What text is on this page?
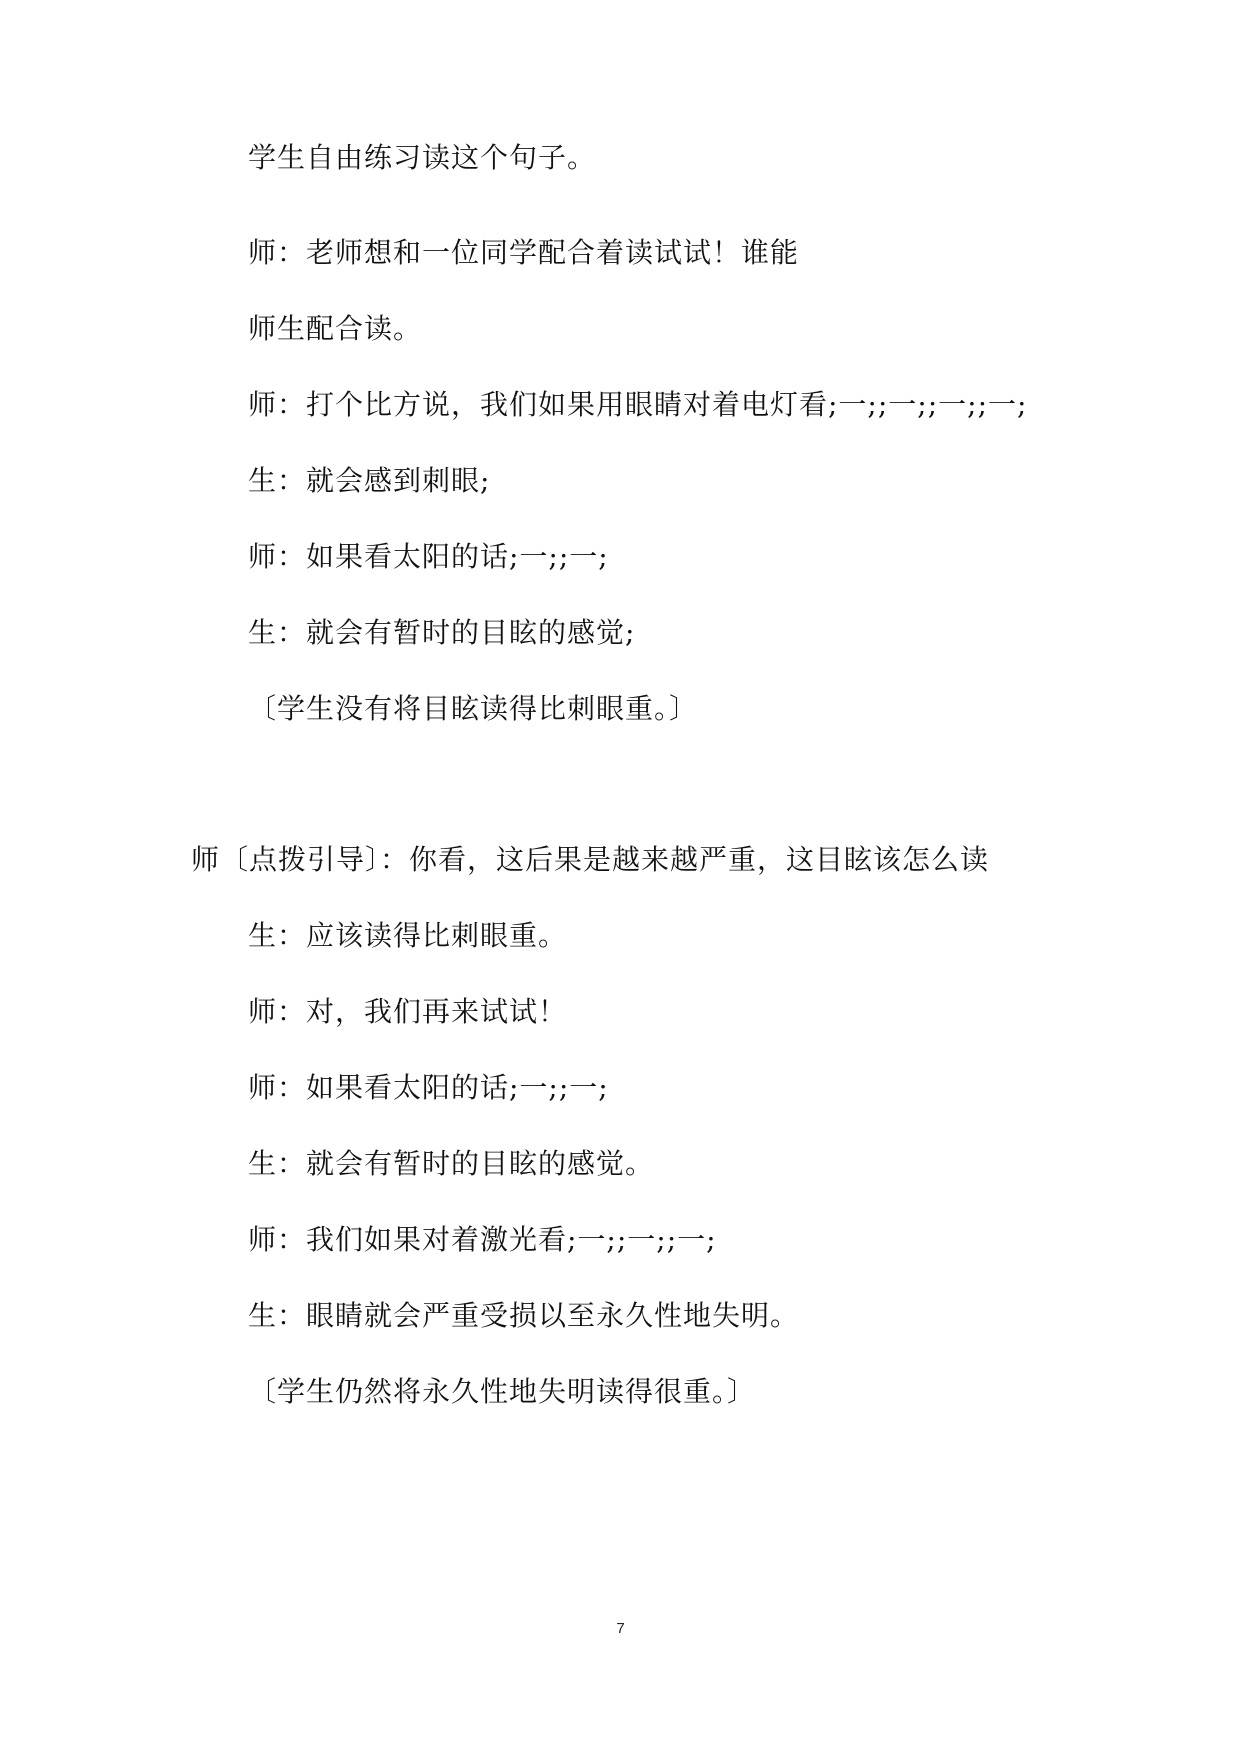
学生自由练习读这个句子。
师：老师想和一位同学配合着读试试！谁能
师生配合读。
师：打个比方说，我们如果用眼睛对着电灯看;一;;一;;一;;一;
生：就会感到刺眼;
师：如果看太阳的话;一;;一;
生：就会有暂时的目眩的感觉;
〔学生没有将目眩读得比刺眼重。〕
师〔点拨引导〕：你看，这后果是越来越严重，这目眩该怎么读
生：应该读得比刺眼重。
师：对，我们再来试试！
师：如果看太阳的话;一;;一;
生：就会有暂时的目眩的感觉。
师：我们如果对着激光看;一;;一;;一;
生：眼睛就会严重受损以至永久性地失明。
〔学生仍然将永久性地失明读得很重。〕
7
